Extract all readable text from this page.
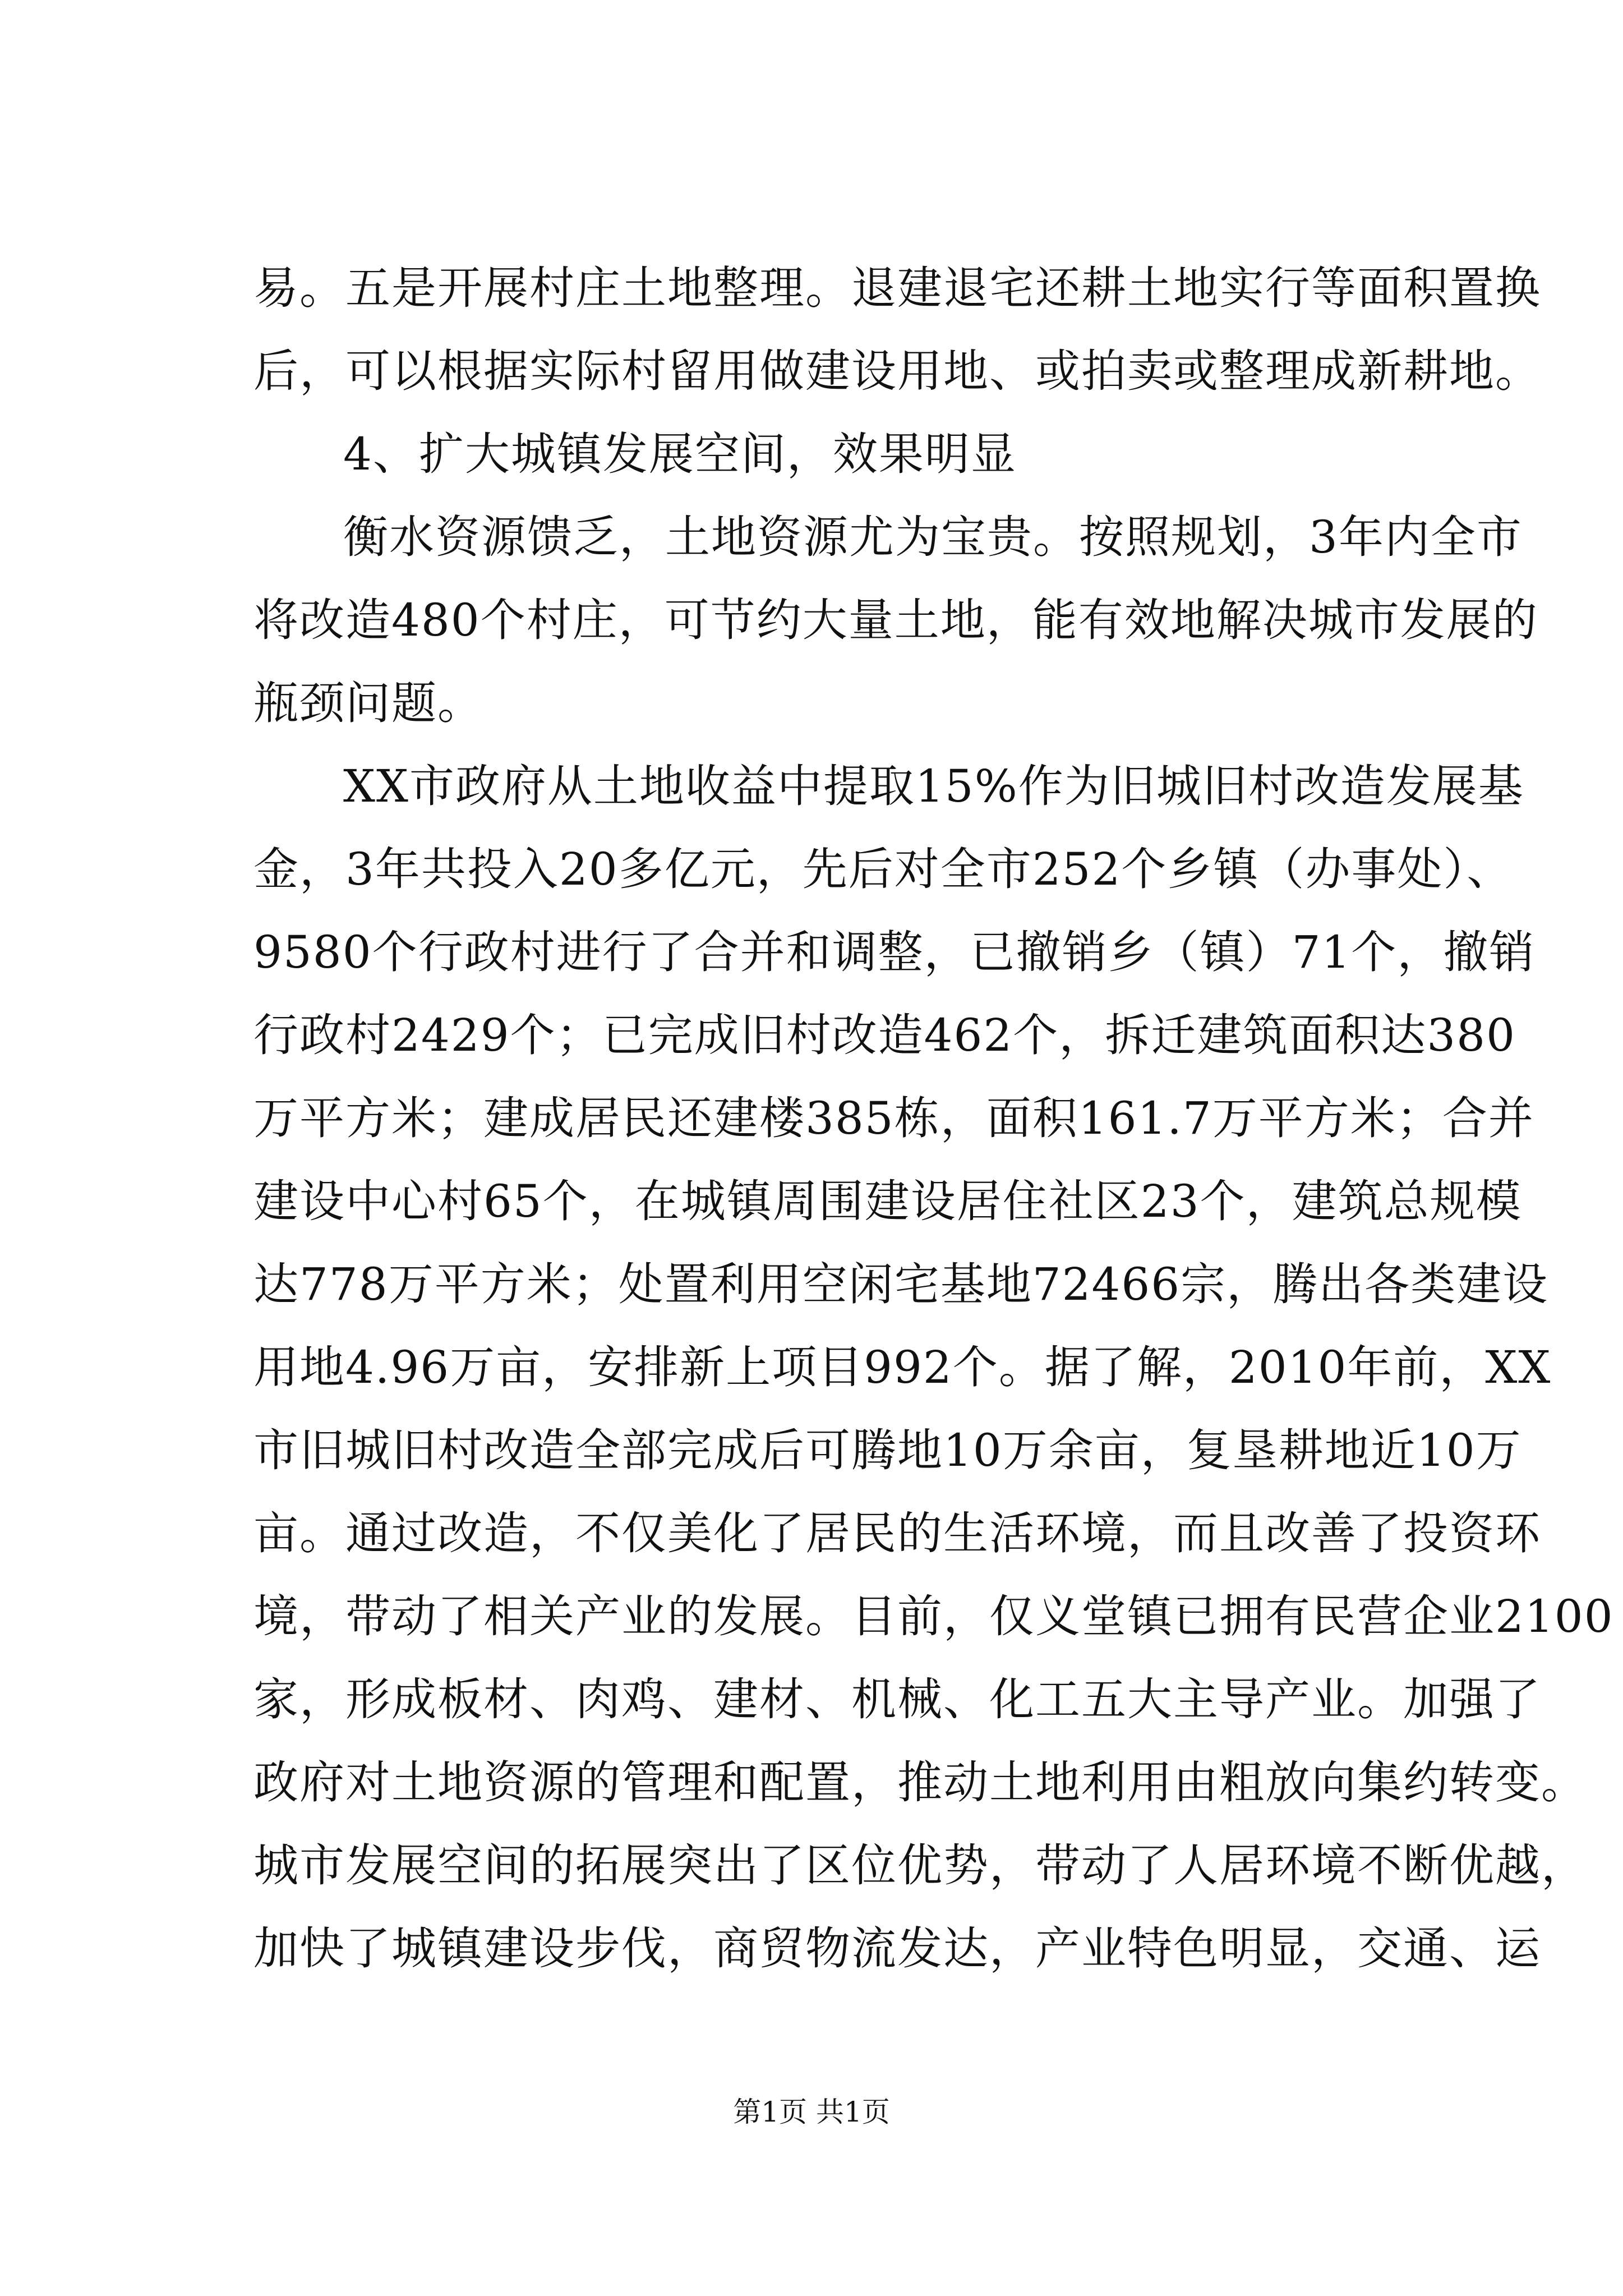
易。五是开展村庄土地整理。退建退宅还耕土地实行等面积置换
后，可以根据实际村留用做建设用地、或拍卖或整理成新耕地。
4、扩大城镇发展空间，效果明显
衡水资源馈乏，土地资源尤为宝贵。按照规划，3年内全市
将改造480个村庄，可节约大量土地，能有效地解决城市发展的
瓶颈问题。
XX市政府从土地收益中提取15%作为旧城旧村改造发展基
金，3年共投入20多亿元，先后对全市252个乡镇（办事处）、
9580个行政村进行了合并和调整，已撤销乡（镇）71个，撤销
行政村2429个；已完成旧村改造462个，拆迁建筑面积达380
万平方米；建成居民还建楼385栋，面积161.7万平方米；合并
建设中心村65个，在城镇周围建设居住社区23个，建筑总规模
达778万平方米；处置利用空闲宅基地72466宗，腾出各类建设
用地4.96万亩，安排新上项目992个。据了解，2010年前，XX
市旧城旧村改造全部完成后可腾地10万余亩，复垦耕地近10万
亩。通过改造，不仅美化了居民的生活环境，而且改善了投资环
境，带动了相关产业的发展。目前，仅义堂镇已拥有民营企业2100
家，形成板材、肉鸡、建材、机械、化工五大主导产业。加强了
政府对土地资源的管理和配置，推动土地利用由粗放向集约转变。
城市发展空间的拓展突出了区位优势，带动了人居环境不断优越，
加快了城镇建设步伐，商贸物流发达，产业特色明显，交通、运
第1页 共1页
